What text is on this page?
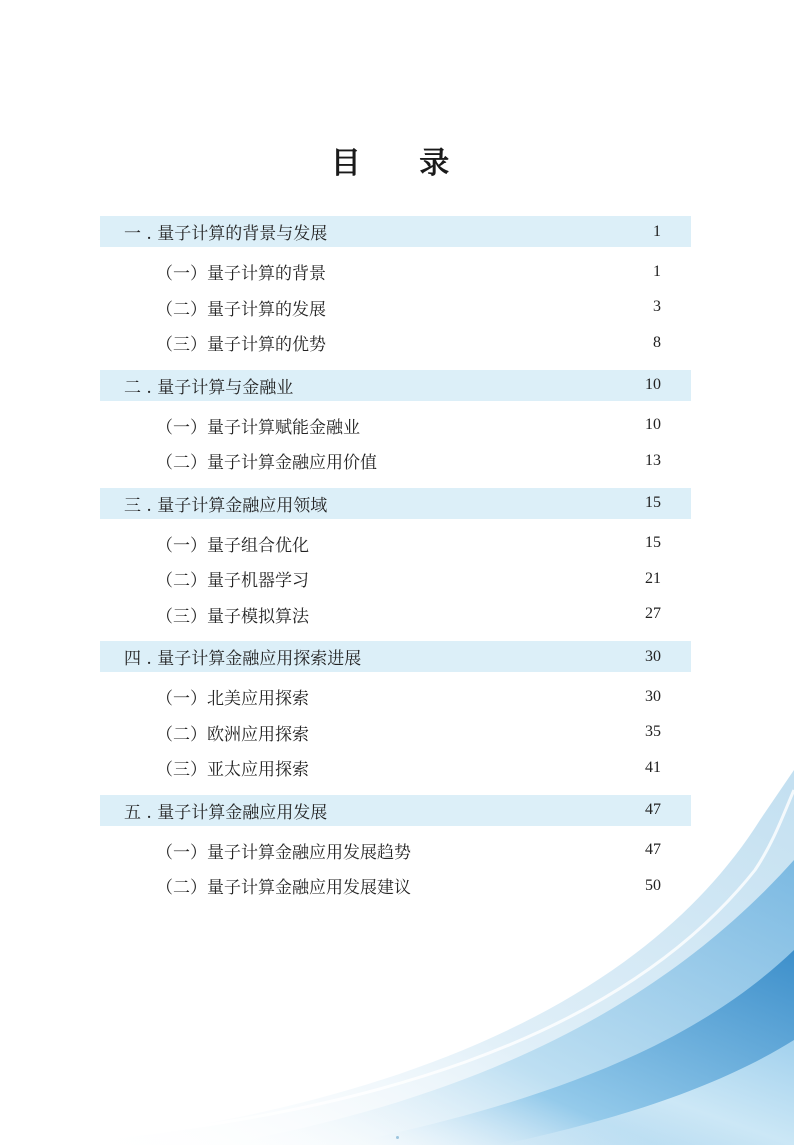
目 录
一 . 量子计算的背景与发展	1
（一）量子计算的背景	1
（二）量子计算的发展	3
（三）量子计算的优势	8
二 . 量子计算与金融业	10
（一）量子计算赋能金融业	10
（二）量子计算金融应用价值	13
三 . 量子计算金融应用领域	15
（一）量子组合优化	15
（二）量子机器学习	21
（三）量子模拟算法	27
四 . 量子计算金融应用探索进展	30
（一）北美应用探索	30
（二）欧洲应用探索	35
（三）亚太应用探索	41
五 . 量子计算金融应用发展	47
（一）量子计算金融应用发展趋势	47
（二）量子计算金融应用发展建议	50
